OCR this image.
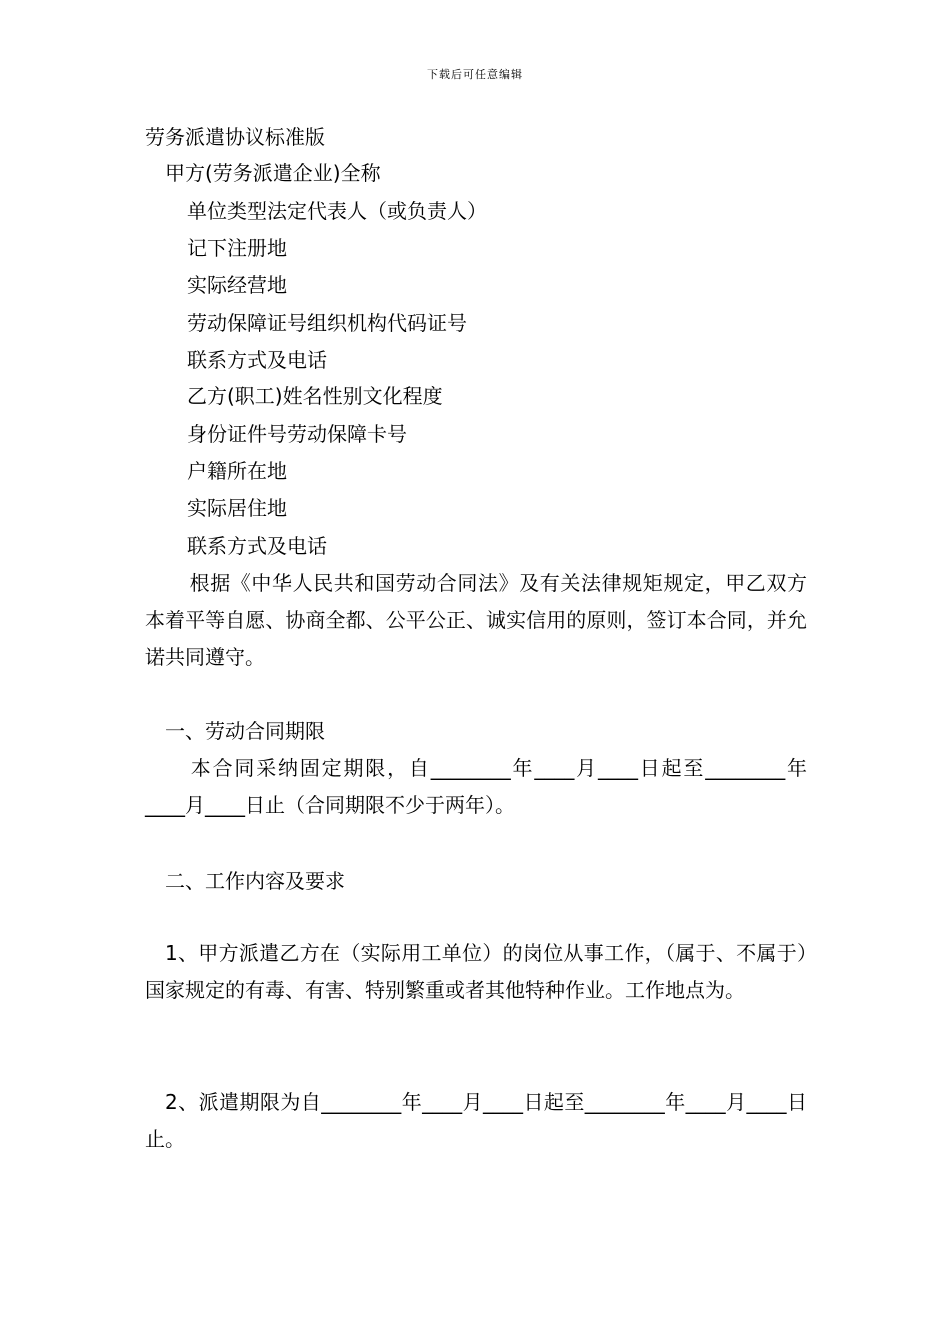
下载后可任意编辑
劳务派遣协议标准版
甲方(劳务派遣企业)全称
单位类型法定代表人（或负责人）
记下注册地
实际经营地
劳动保障证号组织机构代码证号
联系方式及电话
乙方(职工)姓名性别文化程度
身份证件号劳动保障卡号
户籍所在地
实际居住地
联系方式及电话
根据《中华人民共和国劳动合同法》及有关法律规矩规定，甲乙双方本着平等自愿、协商全都、公平公正、诚实信用的原则，签订本合同，并允诺共同遵守。
一、劳动合同期限
本合同采纳固定期限，自________年____月____日起至________年____月____日止（合同期限不少于两年）。
二、工作内容及要求
1、甲方派遣乙方在（实际用工单位）的岗位从事工作，（属于、不属于）国家规定的有毒、有害、特别繁重或者其他特种作业。工作地点为。
2、派遣期限为自________年____月____日起至________年____月____日止。
